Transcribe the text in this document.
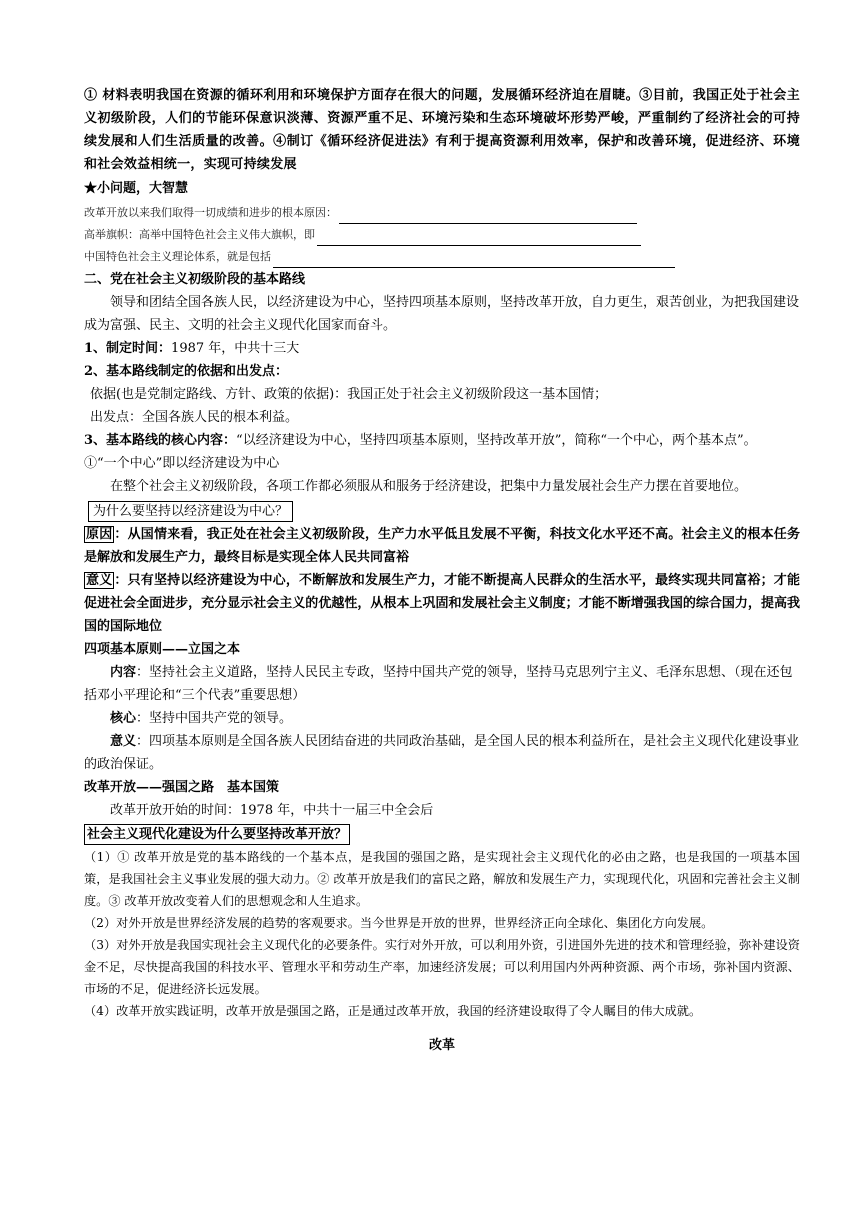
① 材料表明我国在资源的循环利用和环境保护方面存在很大的问题，发展循环经济迫在眉睫。③目前，我国正处于社会主义初级阶段，人们的节能环保意识淡薄、资源严重不足、环境污染和生态环境破坏形势严峻，严重制约了经济社会的可持续发展和人们生活质量的改善。④制订《循环经济促进法》有利于提高资源利用效率，保护和改善环境，促进经济、环境和社会效益相统一，实现可持续发展

★小问题，大智慧

改革开放以来我们取得一切成绩和进步的根本原因：
高举旗帜：高举中国特色社会主义伟大旗帜，即
中国特色社会主义理论体系，就是包括

二、党在社会主义初级阶段的基本路线

领导和团结全国各族人民，以经济建设为中心，坚持四项基本原则，坚持改革开放，自力更生，艰苦创业，为把我国建设成为富强、民主、文明的社会主义现代化国家而奋斗。

1、制定时间：1987 年，中共十三大

2、基本路线制定的依据和出发点：

依据(也是党制定路线、方针、政策的依据)：我国正处于社会主义初级阶段这一基本国情；

出发点：全国各族人民的根本利益。

3、基本路线的核心内容：“以经济建设为中心，坚持四项基本原则，坚持改革开放”，简称“一个中心，两个基本点”。

①“一个中心”即以经济建设为中心

在整个社会主义初级阶段，各项工作都必须服从和服务于经济建设，把集中力量发展社会生产力摆在首要地位。

为什么要坚持以经济建设为中心？

原因 ：从国情来看，我正处在社会主义初级阶段，生产力水平低且发展不平衡，科技文化水平还不高。社会主义的根本任务是解放和发展生产力，最终目标是实现全体人民共同富裕

意义 ：只有坚持以经济建设为中心，不断解放和发展生产力，才能不断提高人民群众的生活水平，最终实现共同富裕；才能促进社会全面进步，充分显示社会主义的优越性，从根本上巩固和发展社会主义制度；才能不断增强我国的综合国力，提高我国的国际地位

四项基本原则——立国之本

内容：坚持社会主义道路，坚持人民民主专政，坚持中国共产党的领导，坚持马克思列宁主义、毛泽东思想、（现在还包括邓小平理论和“三个代表”重要思想）

核心：坚持中国共产党的领导。

意义：四项基本原则是全国各族人民团结奋进的共同政治基础，是全国人民的根本利益所在，是社会主义现代化建设事业的政治保证。

改革开放——强国之路　基本国策

改革开放开始的时间：1978 年，中共十一届三中全会后

社会主义现代化建设为什么要坚持改革开放？

（1）① 改革开放是党的基本路线的一个基本点，是我国的强国之路，是实现社会主义现代化的必由之路，也是我国的一项基本国策，是我国社会主义事业发展的强大动力。② 改革开放是我们的富民之路，解放和发展生产力，实现现代化，巩固和完善社会主义制度。③ 改革开放改变着人们的思想观念和人生追求。

（2）对外开放是世界经济发展的趋势的客观要求。当今世界是开放的世界，世界经济正向全球化、集团化方向发展。

（3）对外开放是我国实现社会主义现代化的必要条件。实行对外开放，可以利用外资，引进国外先进的技术和管理经验，弥补建设资金不足，尽快提高我国的科技水平、管理水平和劳动生产率，加速经济发展；可以利用国内外两种资源、两个市场，弥补国内资源、市场的不足，促进经济长远发展。

（4）改革开放实践证明，改革开放是强国之路，正是通过改革开放，我国的经济建设取得了令人瞩目的伟大成就。

改革
